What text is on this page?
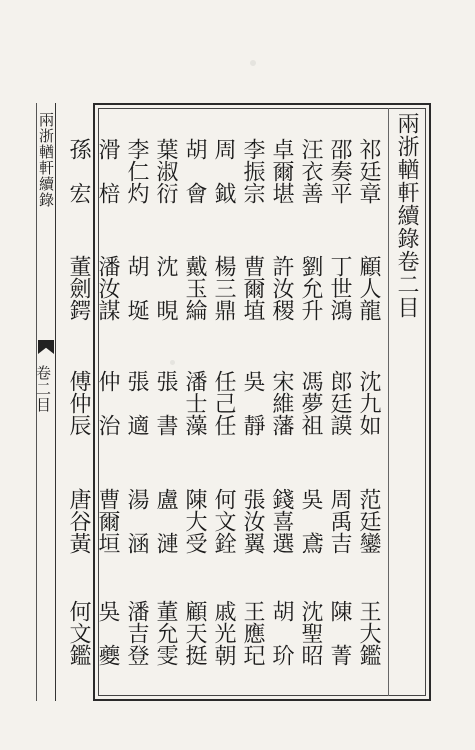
兩浙輶軒續錄
卷二目
兩浙輶軒續錄卷二目
祁廷章
顧人龍
沈九如
范廷鑾
王大鑑
邵奏平
丁世鴻
郎廷謨
周禹吉
陳　菁
汪衣善
劉允升
馮夢祖
吳　鳶
沈聖昭
卓爾堪
許汝稷
宋維藩
錢喜選
胡　玠
李振宗
曹爾埴
吳　靜
張汝翼
王應玘
周　鉞
楊三鼎
任己任
何文銓
戚光朝
胡　會
戴玉綸
潘士藻
陳大受
顧天挺
葉淑衍
沈　晛
張　書
盧　漣
董允雯
李仁灼
胡　埏
張　適
湯　涵
潘吉登
滑　棓
潘汝謀
仲　治
曹爾垣
吳　夔
孫　宏
董劍鍔
傅仲辰
唐谷黃
何文鑑
